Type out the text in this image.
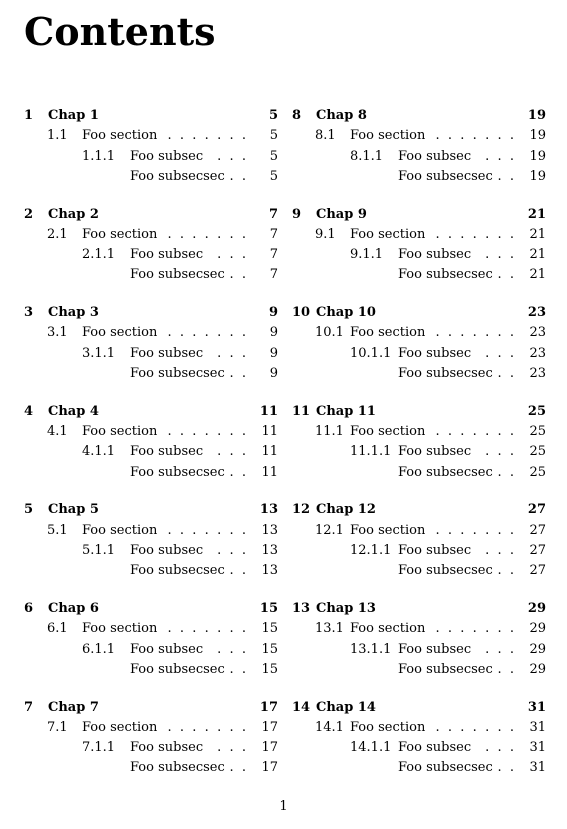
Contents
1 Chap 1	5
1.1 Foo section .  .  .  .  .  .  . 5
1.1.1 Foo subsec .  .  . 5
Foo subsecsec .  . 5
2 Chap 2	7
2.1 Foo section .  .  .  .  .  .  . 7
2.1.1 Foo subsec .  .  . 7
Foo subsecsec .  . 7
3 Chap 3	9
3.1 Foo section .  .  .  .  .  .  . 9
3.1.1 Foo subsec .  .  . 9
Foo subsecsec .  . 9
4 Chap 4	11
4.1 Foo section .  .  .  .  .  .  . 11
4.1.1 Foo subsec .  .  . 11
Foo subsecsec .  . 11
5 Chap 5	13
5.1 Foo section .  .  .  .  .  .  . 13
5.1.1 Foo subsec .  .  . 13
Foo subsecsec .  . 13
6 Chap 6	15
6.1 Foo section .  .  .  .  .  .  . 15
6.1.1 Foo subsec .  .  . 15
Foo subsecsec .  . 15
7 Chap 7	17
7.1 Foo section .  .  .  .  .  .  . 17
7.1.1 Foo subsec .  .  . 17
Foo subsecsec .  . 17
8 Chap 8	19
8.1 Foo section .  .  .  .  .  .  . 19
8.1.1 Foo subsec .  .  . 19
Foo subsecsec .  . 19
9 Chap 9	21
9.1 Foo section .  .  .  .  .  .  . 21
9.1.1 Foo subsec .  .  . 21
Foo subsecsec .  . 21
10 Chap 10	23
10.1 Foo section .  .  .  .  .  .  . 23
10.1.1 Foo subsec .  .  . 23
Foo subsecsec .  . 23
11 Chap 11	25
11.1 Foo section .  .  .  .  .  .  . 25
11.1.1 Foo subsec .  .  . 25
Foo subsecsec .  . 25
12 Chap 12	27
12.1 Foo section .  .  .  .  .  .  . 27
12.1.1 Foo subsec .  .  . 27
Foo subsecsec .  . 27
13 Chap 13	29
13.1 Foo section .  .  .  .  .  .  . 29
13.1.1 Foo subsec .  .  . 29
Foo subsecsec .  . 29
14 Chap 14	31
14.1 Foo section .  .  .  .  .  .  . 31
14.1.1 Foo subsec .  .  . 31
Foo subsecsec .  . 31
1
